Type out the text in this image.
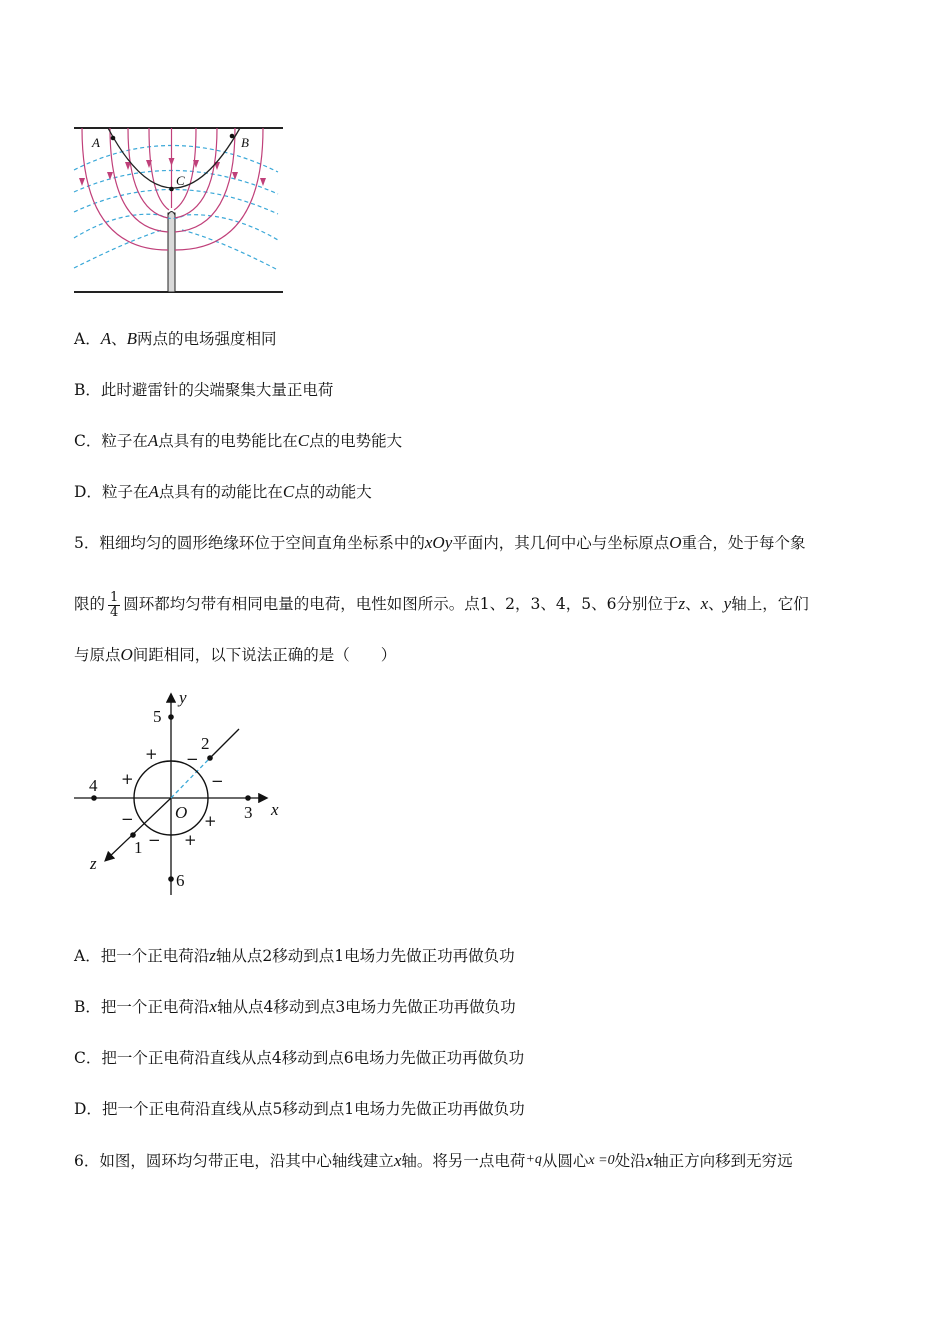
A	B
C
A．A、B两点的电场强度相同
B．此时避雷针的尖端聚集大量正电荷
C．粒子在A点具有的电势能比在C点的电势能大
D．粒子在A点具有的动能比在C点的动能大
5．粗细均匀的圆形绝缘环位于空间直角坐标系中的xOy平面内，其几何中心与坐标原点O重合，处于每个象
限的 $\frac{1}{4}$ 圆环都均匀带有相同电量的电荷，电性如图所示。点1、2，3、4，5、6分别位于z、x、y轴上，它们
与原点O间距相同，以下说法正确的是（　　）
1
2
3
4
5
6
x
y
z
O
+ −
−
+
−	+
+
−
A．把一个正电荷沿z轴从点2移动到点1电场力先做正功再做负功
B．把一个正电荷沿x轴从点4移动到点3电场力先做正功再做负功
C．把一个正电荷沿直线从点4移动到点6电场力先做正功再做负功
D．把一个正电荷沿直线从点5移动到点1电场力先做正功再做负功
6．如图，圆环均匀带正电，沿其中心轴线建立x轴。将另一点电荷+q从圆心x =0处沿x轴正方向移到无穷远
